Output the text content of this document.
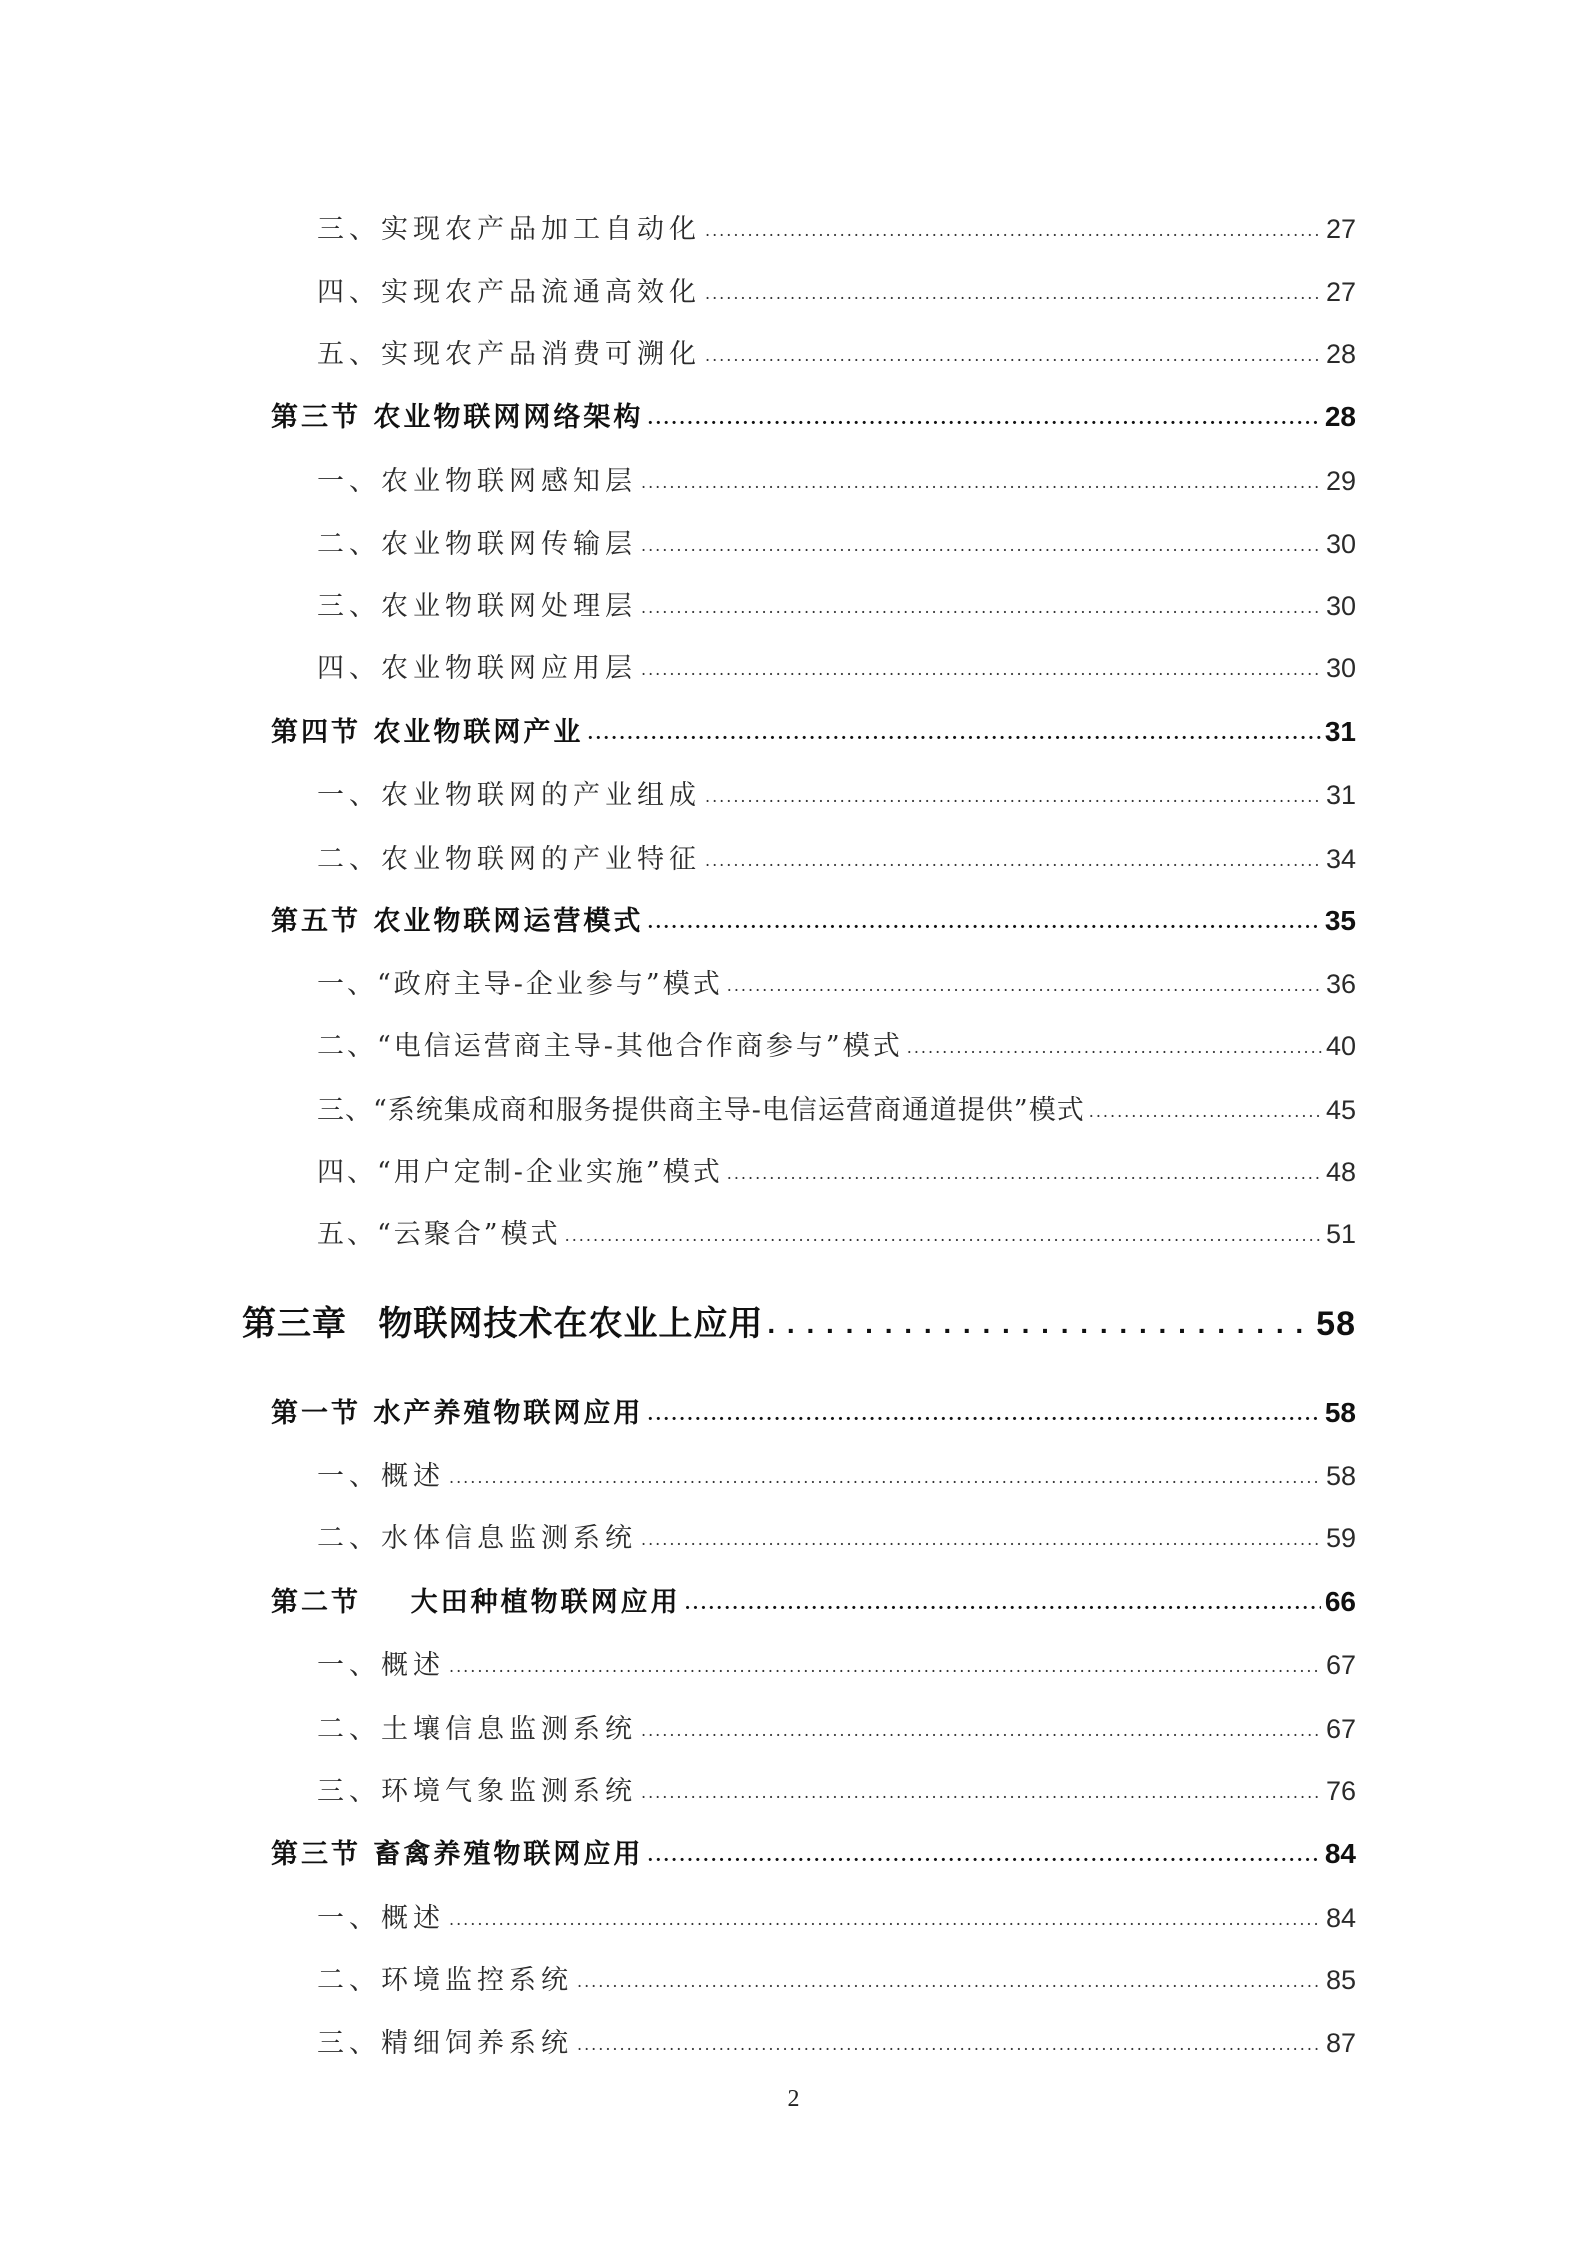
三、实现农产品加工自动化 .....	27
四、实现农产品流通高效化 .....	27
五、实现农产品消费可溯化 .....	28
第三节 农业物联网网络架构 .....	28
一、农业物联网感知层 .....	29
二、农业物联网传输层 .....	30
三、农业物联网处理层 .....	30
四、农业物联网应用层 .....	30
第四节 农业物联网产业 .....	31
一、农业物联网的产业组成 .....	31
二、农业物联网的产业特征 .....	34
第五节 农业物联网运营模式 .....	35
一、“政府主导-企业参与”模式 .....	36
二、“电信运营商主导-其他合作商参与”模式 .....	40
三、“系统集成商和服务提供商主导-电信运营商通道提供”模式 .....	45
四、“用户定制-企业实施”模式 .....	48
五、“云聚合”模式 .....	51
第三章   物联网技术在农业上应用 . . .	58
第一节 水产养殖物联网应用 .....	58
一、概述 .....	58
二、水体信息监测系统 .....	59
第二节    大田种植物联网应用 .....	66
一、概述 .....	67
二、土壤信息监测系统 .....	67
三、环境气象监测系统 .....	76
第三节 畜禽养殖物联网应用 .....	84
一、概述 .....	84
二、环境监控系统 .....	85
三、精细饲养系统 .....	87
2
